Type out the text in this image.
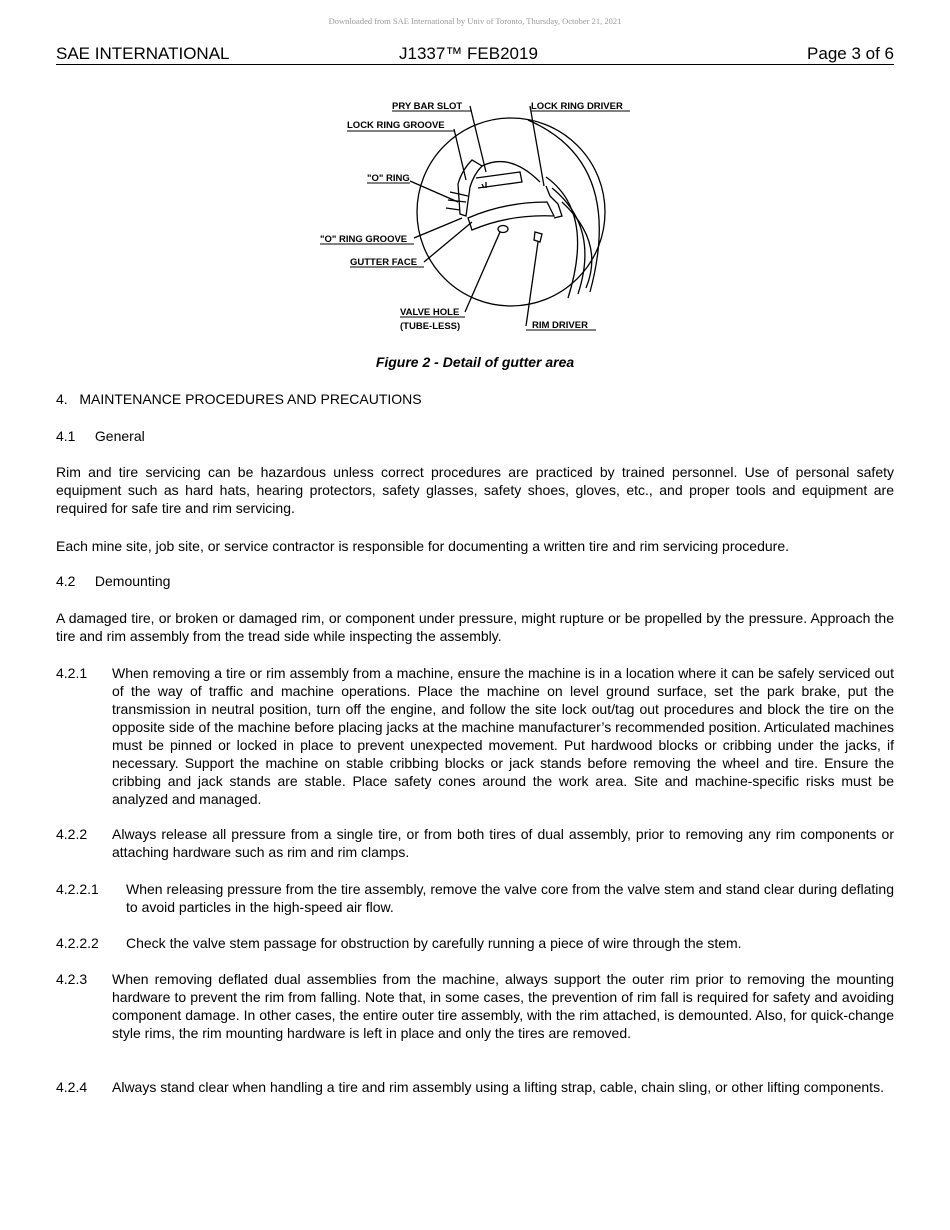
Downloaded from SAE International by Univ of Toronto, Thursday, October 21, 2021
SAE INTERNATIONAL	J1337™ FEB2019	Page 3 of 6
PRY BAR SLOT	LOCK RING DRIVER
LOCK RING GROOVE
"O" RING
"O" RING GROOVE
GUTTER FACE
VALVE HOLE
(TUBE-LESS)	RIM DRIVER
Figure 2 - Detail of gutter area
4.   MAINTENANCE PROCEDURES AND PRECAUTIONS
4.1     General
Rim and tire servicing can be hazardous unless correct procedures are practiced by trained personnel. Use of personal safety equipment such as hard hats, hearing protectors, safety glasses, safety shoes, gloves, etc., and proper tools and equipment are required for safe tire and rim servicing.
Each mine site, job site, or service contractor is responsible for documenting a written tire and rim servicing procedure.
4.2     Demounting
A damaged tire, or broken or damaged rim, or component under pressure, might rupture or be propelled by the pressure. Approach the tire and rim assembly from the tread side while inspecting the assembly.
4.2.1 When removing a tire or rim assembly from a machine, ensure the machine is in a location where it can be safely serviced out of the way of traffic and machine operations. Place the machine on level ground surface, set the park brake, put the transmission in neutral position, turn off the engine, and follow the site lock out/tag out procedures and block the tire on the opposite side of the machine before placing jacks at the machine manufacturer’s recommended position. Articulated machines must be pinned or locked in place to prevent unexpected movement. Put hardwood blocks or cribbing under the jacks, if necessary. Support the machine on stable cribbing blocks or jack stands before removing the wheel and tire. Ensure the cribbing and jack stands are stable. Place safety cones around the work area. Site and machine-specific risks must be analyzed and managed.
4.2.2 Always release all pressure from a single tire, or from both tires of dual assembly, prior to removing any rim components or attaching hardware such as rim and rim clamps.
4.2.2.1 When releasing pressure from the tire assembly, remove the valve core from the valve stem and stand clear during deflating to avoid particles in the high-speed air flow.
4.2.2.2 Check the valve stem passage for obstruction by carefully running a piece of wire through the stem.
4.2.3 When removing deflated dual assemblies from the machine, always support the outer rim prior to removing the mounting hardware to prevent the rim from falling. Note that, in some cases, the prevention of rim fall is required for safety and avoiding component damage. In other cases, the entire outer tire assembly, with the rim attached, is demounted. Also, for quick-change style rims, the rim mounting hardware is left in place and only the tires are removed.
4.2.4 Always stand clear when handling a tire and rim assembly using a lifting strap, cable, chain sling, or other lifting components.
